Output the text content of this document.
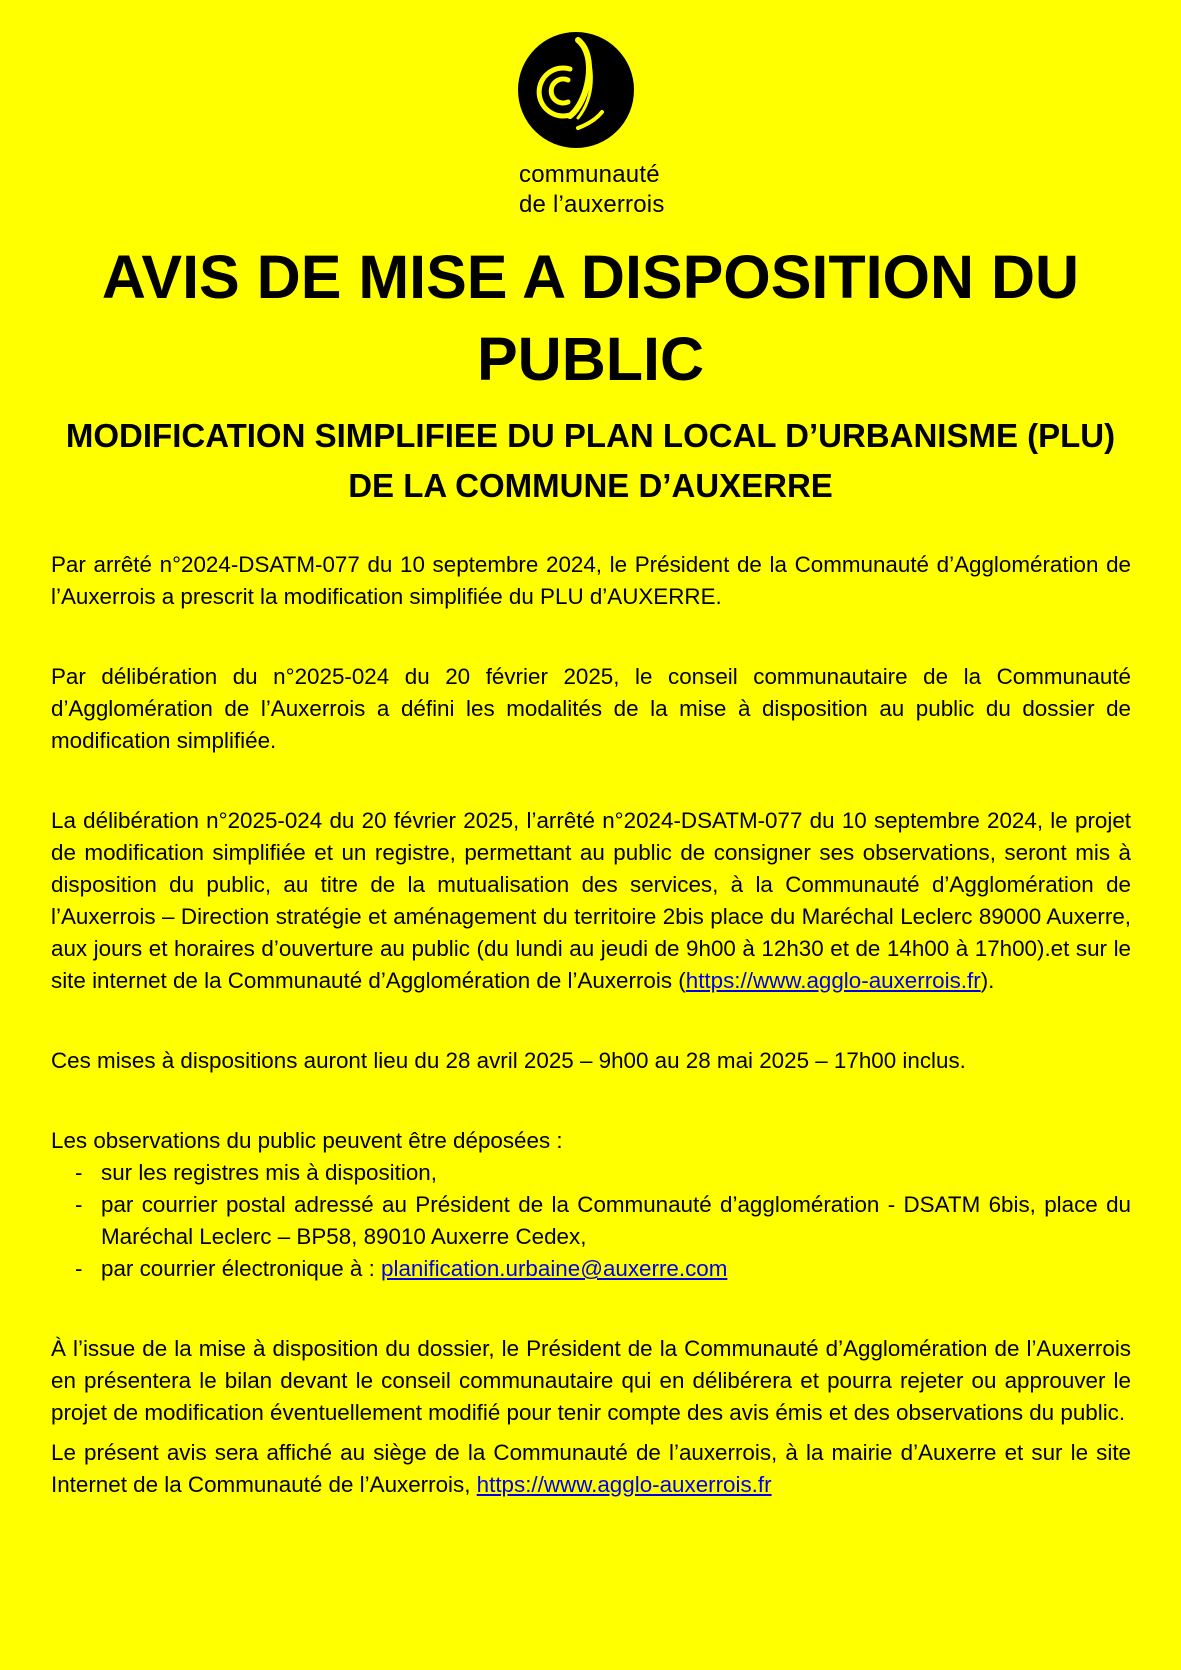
communauté
de l’auxerrois
AVIS DE MISE A DISPOSITION DU PUBLIC
MODIFICATION SIMPLIFIEE DU PLAN LOCAL D’URBANISME (PLU) DE LA COMMUNE D’AUXERRE

Par arrêté n°2024-DSATM-077 du 10 septembre 2024, le Président de la Communauté d’Agglomération de l’Auxerrois a prescrit la modification simplifiée du PLU d’AUXERRE.

Par délibération du n°2025-024 du 20 février 2025, le conseil communautaire de la Communauté d’Agglomération de l’Auxerrois a défini les modalités de la mise à disposition au public du dossier de modification simplifiée.

La délibération n°2025-024 du 20 février 2025, l’arrêté n°2024-DSATM-077 du 10 septembre 2024, le projet de modification simplifiée et un registre, permettant au public de consigner ses observations, seront mis à disposition du public, au titre de la mutualisation des services, à la Communauté d’Agglomération de l’Auxerrois – Direction stratégie et aménagement du territoire 2bis place du Maréchal Leclerc 89000 Auxerre, aux jours et horaires d’ouverture au public (du lundi au jeudi de 9h00 à 12h30 et de 14h00 à 17h00).et sur le site internet de la Communauté d’Agglomération de l’Auxerrois (https://www.agglo-auxerrois.fr).

Ces mises à dispositions auront lieu du 28 avril 2025 – 9h00 au 28 mai 2025 – 17h00 inclus.

Les observations du public peuvent être déposées :

- sur les registres mis à disposition,
- par courrier postal adressé au Président de la Communauté d’agglomération - DSATM 6bis, place du Maréchal Leclerc – BP58, 89010 Auxerre Cedex,
- par courrier électronique à : planification.urbaine@auxerre.com

À l’issue de la mise à disposition du dossier, le Président de la Communauté d’Agglomération de l’Auxerrois en présentera le bilan devant le conseil communautaire qui en délibérera et pourra rejeter ou approuver le projet de modification éventuellement modifié pour tenir compte des avis émis et des observations du public.

Le présent avis sera affiché au siège de la Communauté de l’auxerrois, à la mairie d’Auxerre et sur le site Internet de la Communauté de l’Auxerrois, https://www.agglo-auxerrois.fr
